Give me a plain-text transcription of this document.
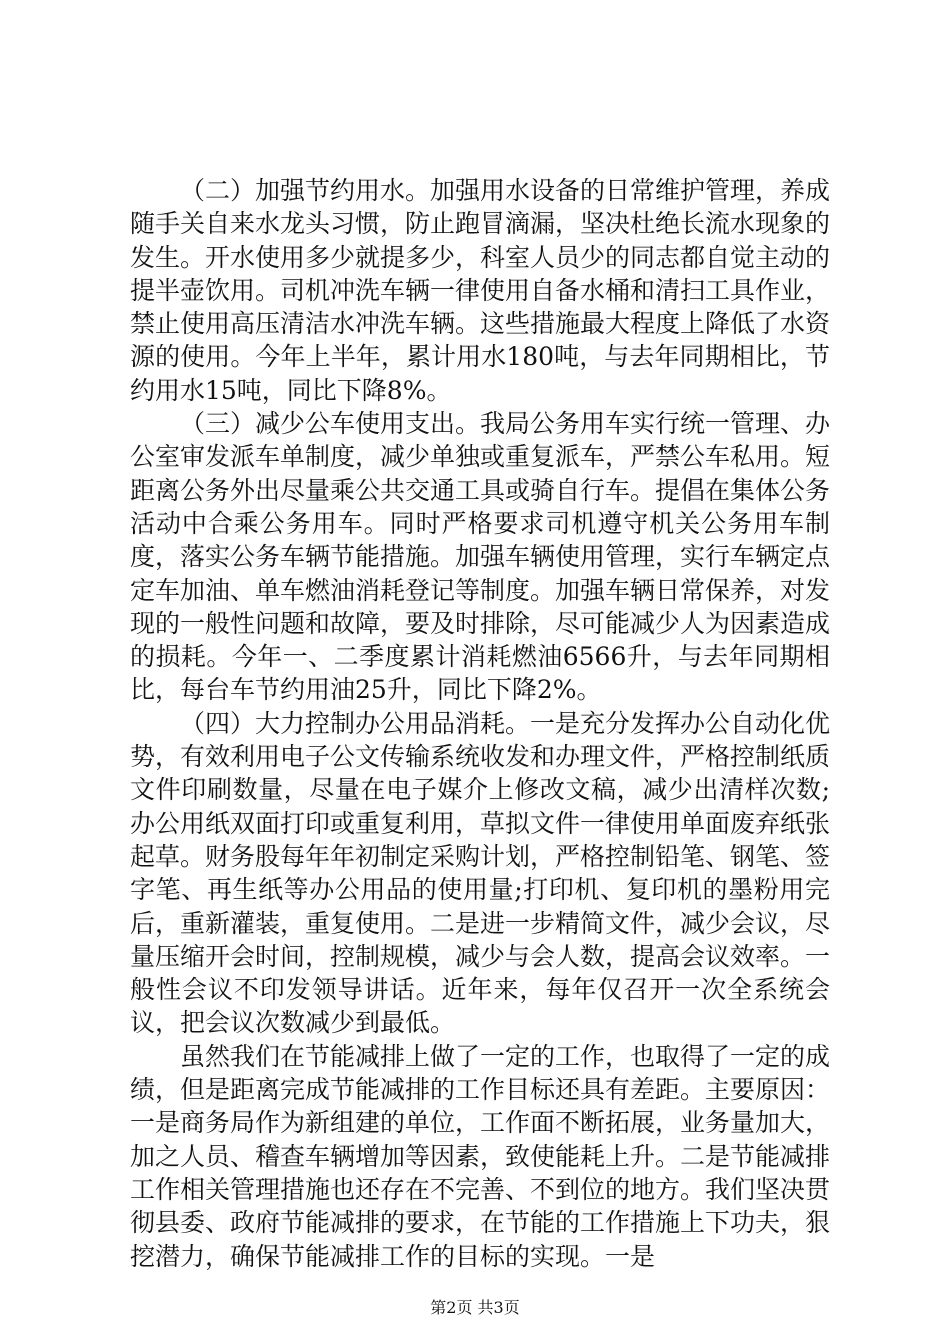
（二）加强节约用水。加强用水设备的日常维护管理，养成随手关自来水龙头习惯，防止跑冒滴漏，坚决杜绝长流水现象的发生。开水使用多少就提多少，科室人员少的同志都自觉主动的提半壶饮用。司机冲洗车辆一律使用自备水桶和清扫工具作业，禁止使用高压清洁水冲洗车辆。这些措施最大程度上降低了水资源的使用。今年上半年，累计用水180吨，与去年同期相比，节约用水15吨，同比下降8%。

（三）减少公车使用支出。我局公务用车实行统一管理、办公室审发派车单制度，减少单独或重复派车，严禁公车私用。短距离公务外出尽量乘公共交通工具或骑自行车。提倡在集体公务活动中合乘公务用车。同时严格要求司机遵守机关公务用车制度，落实公务车辆节能措施。加强车辆使用管理，实行车辆定点定车加油、单车燃油消耗登记等制度。加强车辆日常保养，对发现的一般性问题和故障，要及时排除，尽可能减少人为因素造成的损耗。今年一、二季度累计消耗燃油6566升，与去年同期相比，每台车节约用油25升，同比下降2%。

（四）大力控制办公用品消耗。一是充分发挥办公自动化优势，有效利用电子公文传输系统收发和办理文件，严格控制纸质文件印刷数量，尽量在电子媒介上修改文稿，减少出清样次数;办公用纸双面打印或重复利用，草拟文件一律使用单面废弃纸张起草。财务股每年年初制定采购计划，严格控制铅笔、钢笔、签字笔、再生纸等办公用品的使用量;打印机、复印机的墨粉用完后，重新灌装，重复使用。二是进一步精简文件，减少会议，尽量压缩开会时间，控制规模，减少与会人数，提高会议效率。一般性会议不印发领导讲话。近年来，每年仅召开一次全系统会议，把会议次数减少到最低。

虽然我们在节能减排上做了一定的工作，也取得了一定的成绩，但是距离完成节能减排的工作目标还具有差距。主要原因：一是商务局作为新组建的单位，工作面不断拓展，业务量加大，加之人员、稽查车辆增加等因素，致使能耗上升。二是节能减排工作相关管理措施也还存在不完善、不到位的地方。我们坚决贯彻县委、政府节能减排的要求，在节能的工作措施上下功夫，狠挖潜力，确保节能减排工作的目标的实现。一是

第2页 共3页
